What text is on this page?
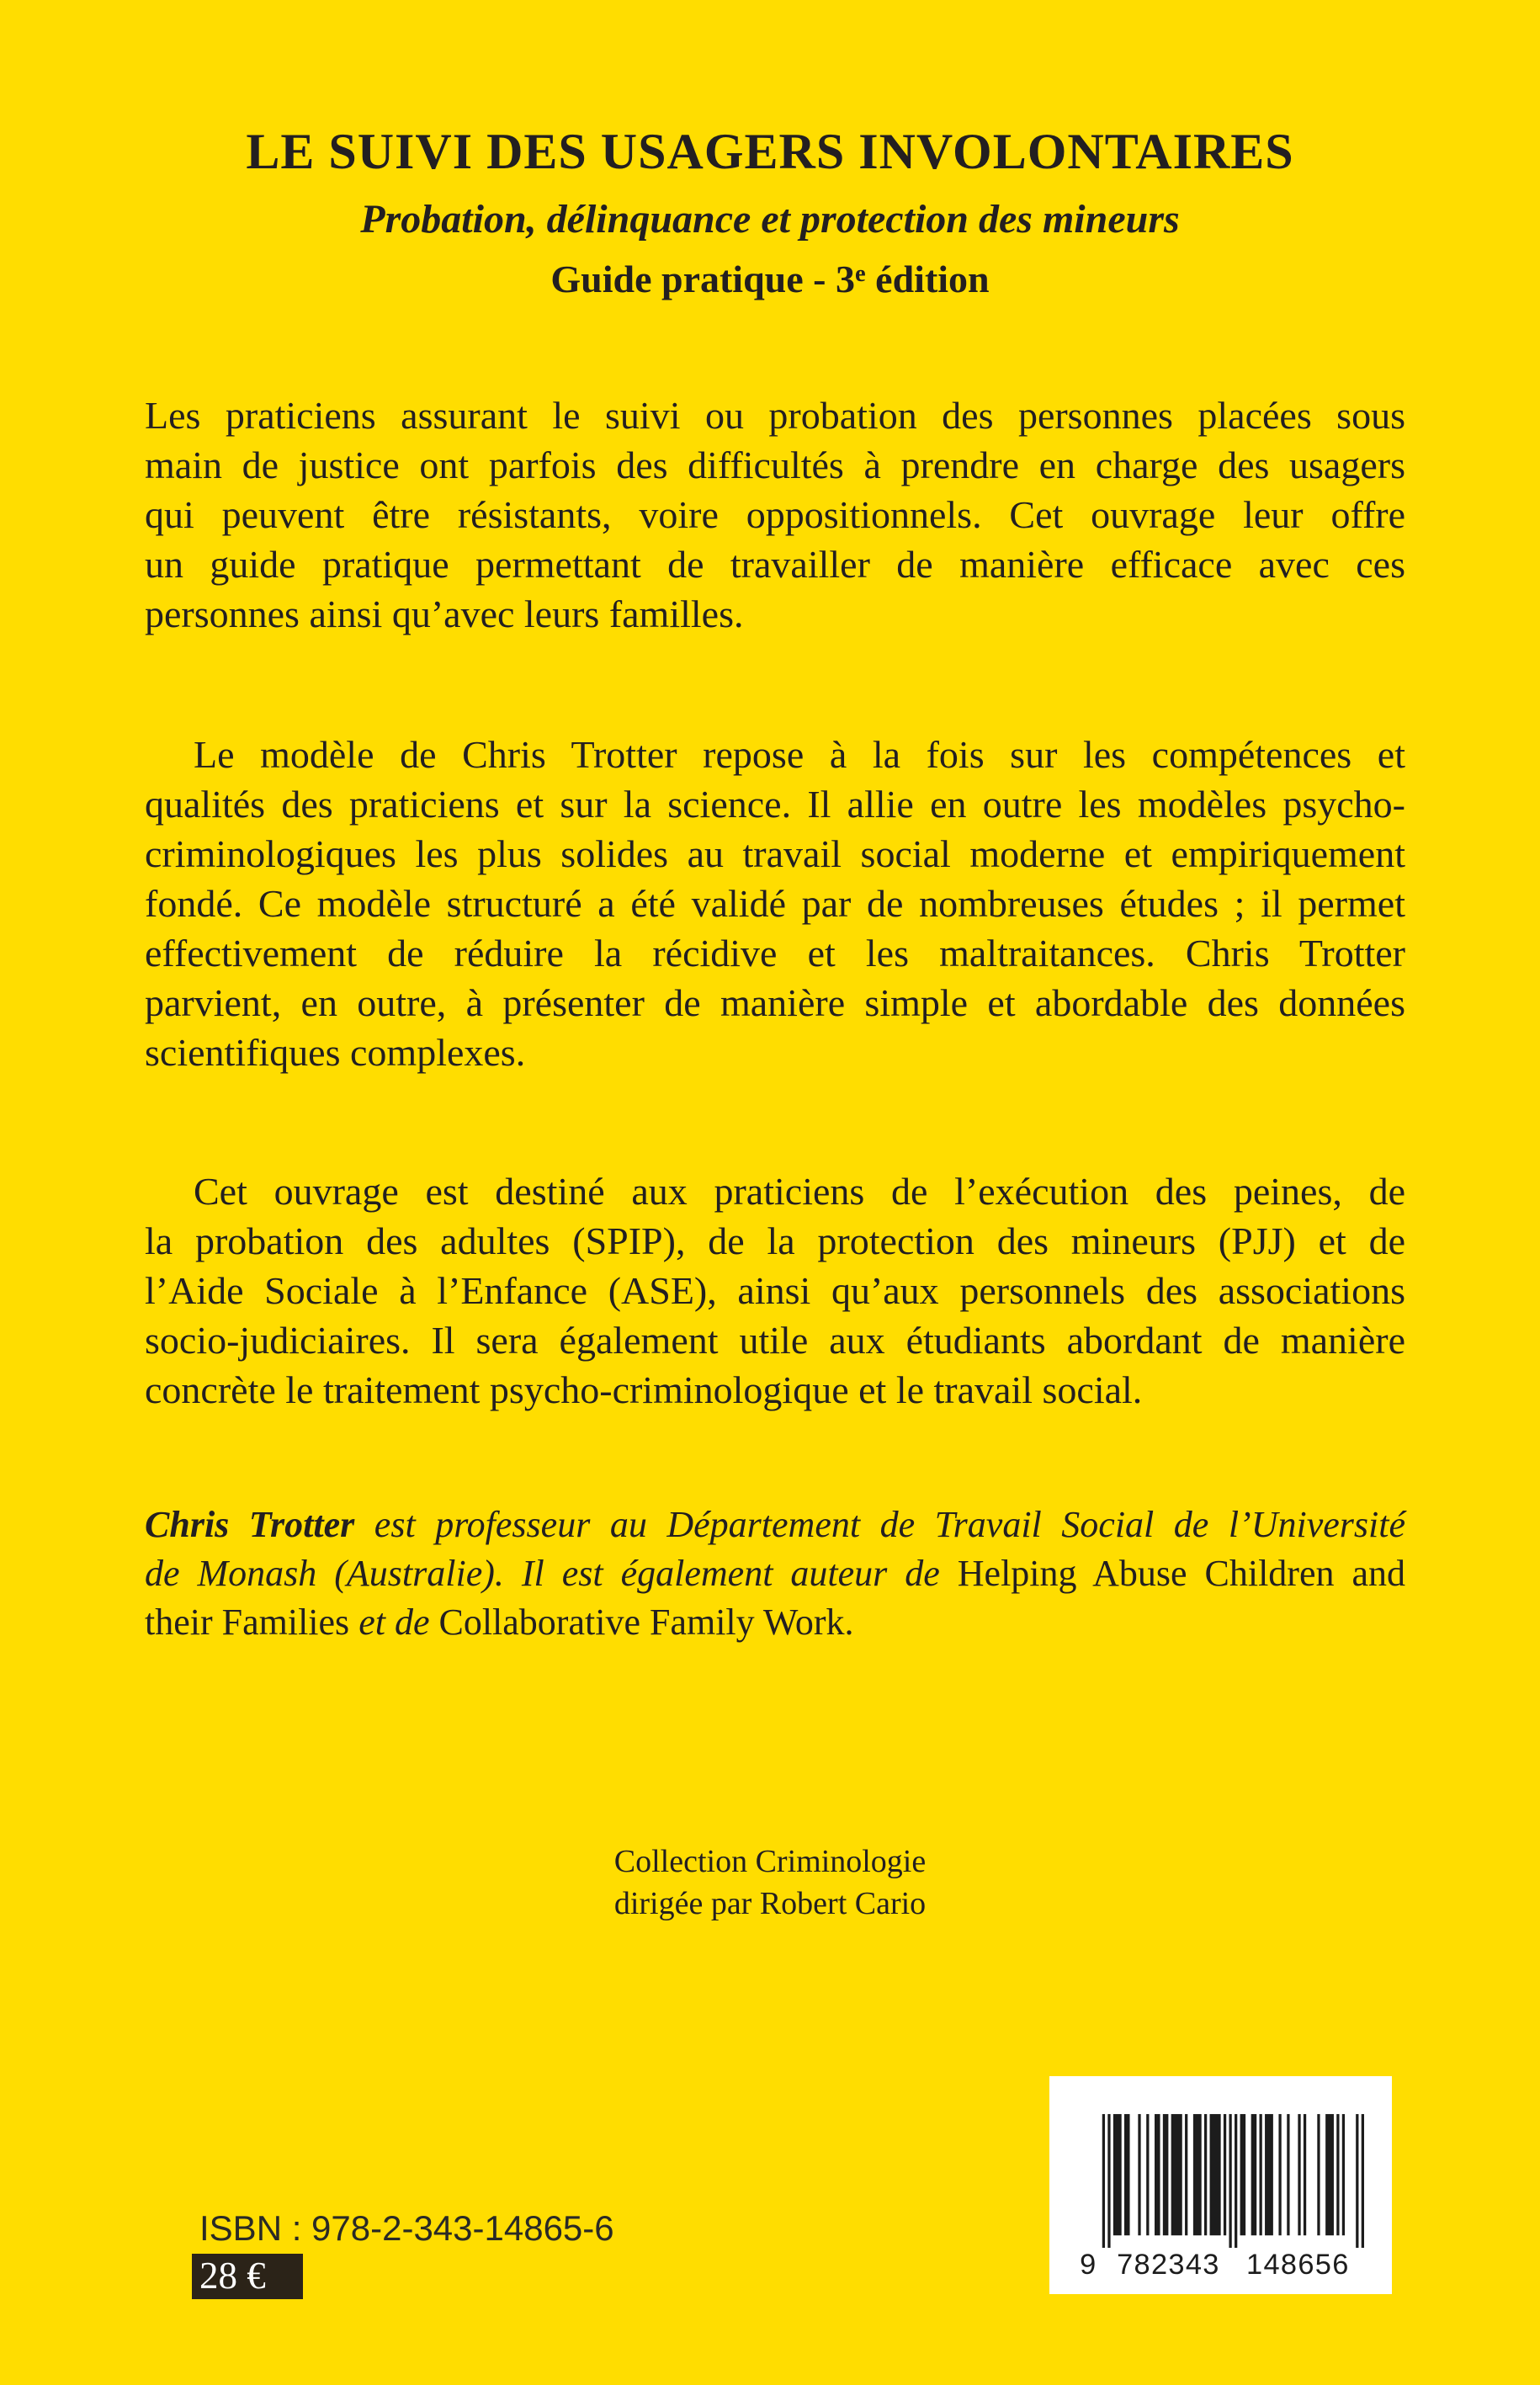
LE SUIVI DES USAGERS INVOLONTAIRES
Probation, délinquance et protection des mineurs
Guide pratique - 3e édition
Les praticiens assurant le suivi ou probation des personnes placées sous
main de justice ont parfois des difficultés à prendre en charge des usagers
qui peuvent être résistants, voire oppositionnels. Cet ouvrage leur offre
un guide pratique permettant de travailler de manière efficace avec ces
personnes ainsi qu’avec leurs familles.
Le modèle de Chris Trotter repose à la fois sur les compétences et
qualités des praticiens et sur la science. Il allie en outre les modèles psycho-
criminologiques les plus solides au travail social moderne et empiriquement
fondé. Ce modèle structuré a été validé par de nombreuses études ; il permet
effectivement de réduire la récidive et les maltraitances. Chris Trotter
parvient, en outre, à présenter de manière simple et abordable des données
scientifiques complexes.
Cet ouvrage est destiné aux praticiens de l’exécution des peines, de
la probation des adultes (SPIP), de la protection des mineurs (PJJ) et de
l’Aide Sociale à l’Enfance (ASE), ainsi qu’aux personnels des associations
socio-judiciaires. Il sera également utile aux étudiants abordant de manière
concrète le traitement psycho-criminologique et le travail social.
Chris Trotter est professeur au Département de Travail Social de l’Université
de Monash (Australie). Il est également auteur de Helping Abuse Children and
their Families et de Collaborative Family Work.
Collection Criminologie
dirigée par Robert Cario
ISBN : 978-2-343-14865-6
28 €	9 782343	148656
